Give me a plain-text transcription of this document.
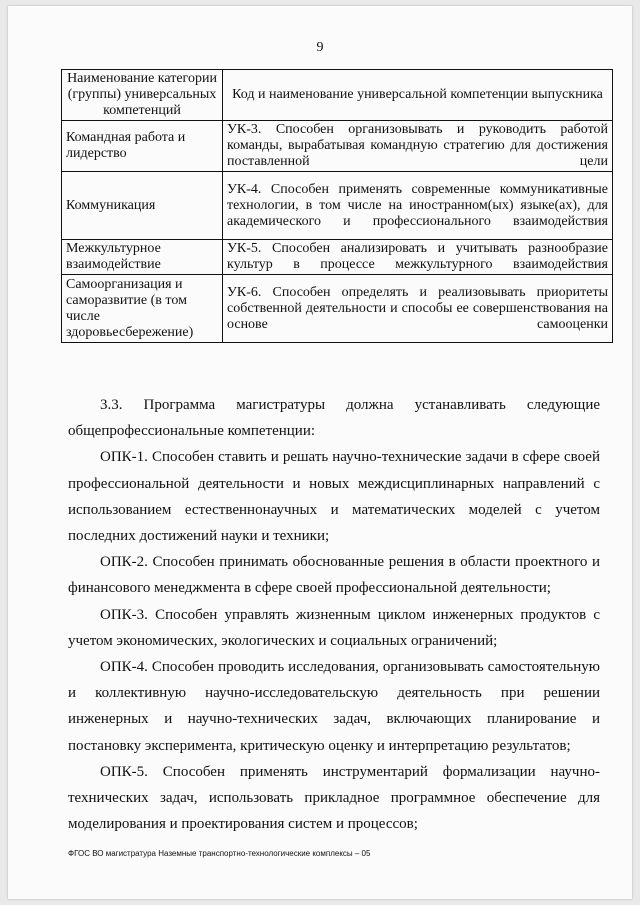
9
Наименование категории (группы) универсальных компетенций	Код и наименование универсальной компетенции выпускника
Командная работа и лидерство	УК-3. Способен организовывать и руководить работой команды, вырабатывая командную стратегию для достижения поставленной цели
Коммуникация	УК-4. Способен применять современные коммуникативные технологии, в том числе на иностранном(ых) языке(ах), для академического и профессионального взаимодействия
Межкультурное взаимодействие	УК-5. Способен анализировать и учитывать разнообразие культур в процессе межкультурного взаимодействия
Самоорганизация и саморазвитие (в том числе здоровьесбережение)	УК-6. Способен определять и реализовывать приоритеты собственной деятельности и способы ее совершенствования на основе самооценки

3.3. Программа магистратуры должна устанавливать следующие общепрофессиональные компетенции:

ОПК-1. Способен ставить и решать научно-технические задачи в сфере своей профессиональной деятельности и новых междисциплинарных направлений с использованием естественнонаучных и математических моделей с учетом последних достижений науки и техники;

ОПК-2. Способен принимать обоснованные решения в области проектного и финансового менеджмента в сфере своей профессиональной деятельности;

ОПК-3. Способен управлять жизненным циклом инженерных продуктов с учетом экономических, экологических и социальных ограничений;

ОПК-4. Способен проводить исследования, организовывать самостоятельную и коллективную научно-исследовательскую деятельность при решении инженерных и научно-технических задач, включающих планирование и постановку эксперимента, критическую оценку и интерпретацию результатов;

ОПК-5. Способен применять инструментарий формализации научно-технических задач, использовать прикладное программное обеспечение для моделирования и проектирования систем и процессов;

ФГОС ВО магистратура Наземные транспортно-технологические комплексы – 05
